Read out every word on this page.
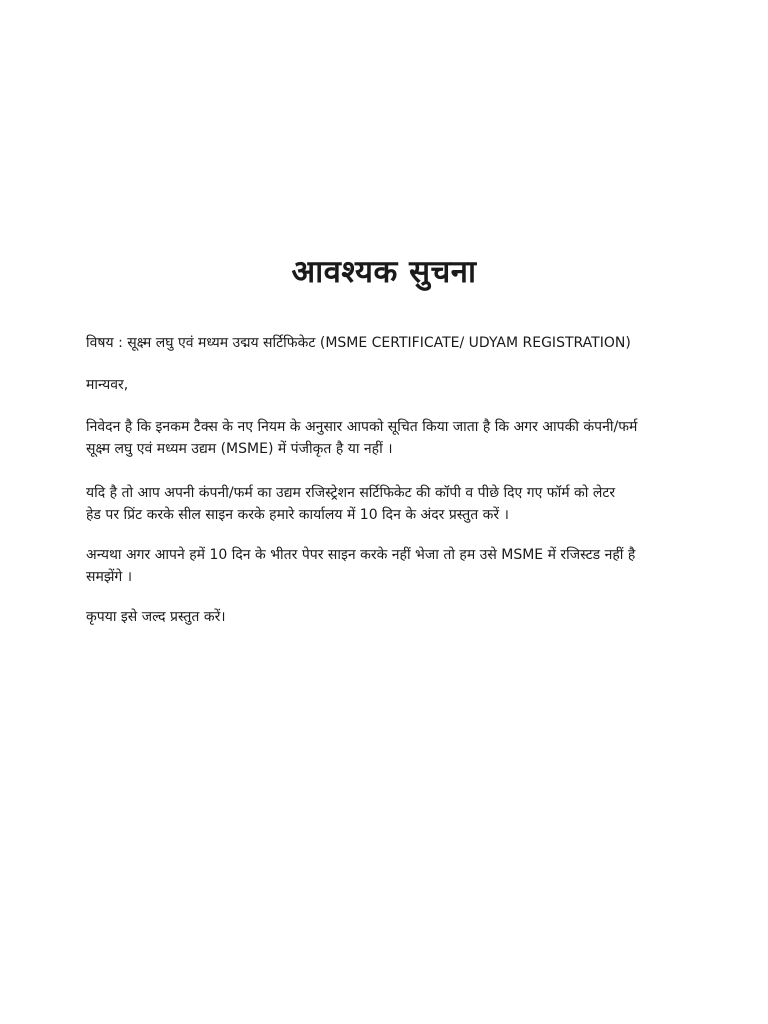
आवश्यक सुचना
विषय : सूक्ष्म लघु एवं मध्यम उद्मय सर्टिफिकेट (MSME CERTIFICATE/ UDYAM REGISTRATION)
मान्यवर,
निवेदन है कि इनकम टैक्स के नए नियम के अनुसार आपको सूचित किया जाता है कि अगर आपकी कंपनी/फर्म
सूक्ष्म लघु एवं मध्यम उद्यम (MSME) में पंजीकृत है या नहीं ।
यदि है तो आप अपनी कंपनी/फर्म का उद्यम रजिस्ट्रेशन सर्टिफिकेट की कॉपी व पीछे दिए गए फॉर्म को लेटर
हेड पर प्रिंट करके सील साइन करके हमारे कार्यालय में 10 दिन के अंदर प्रस्तुत करें ।
अन्यथा अगर आपने हमें 10 दिन के भीतर पेपर साइन करके नहीं भेजा तो हम उसे MSME में रजिस्टड नहीं है
समझेंगे ।
कृपया इसे जल्द प्रस्तुत करें।
